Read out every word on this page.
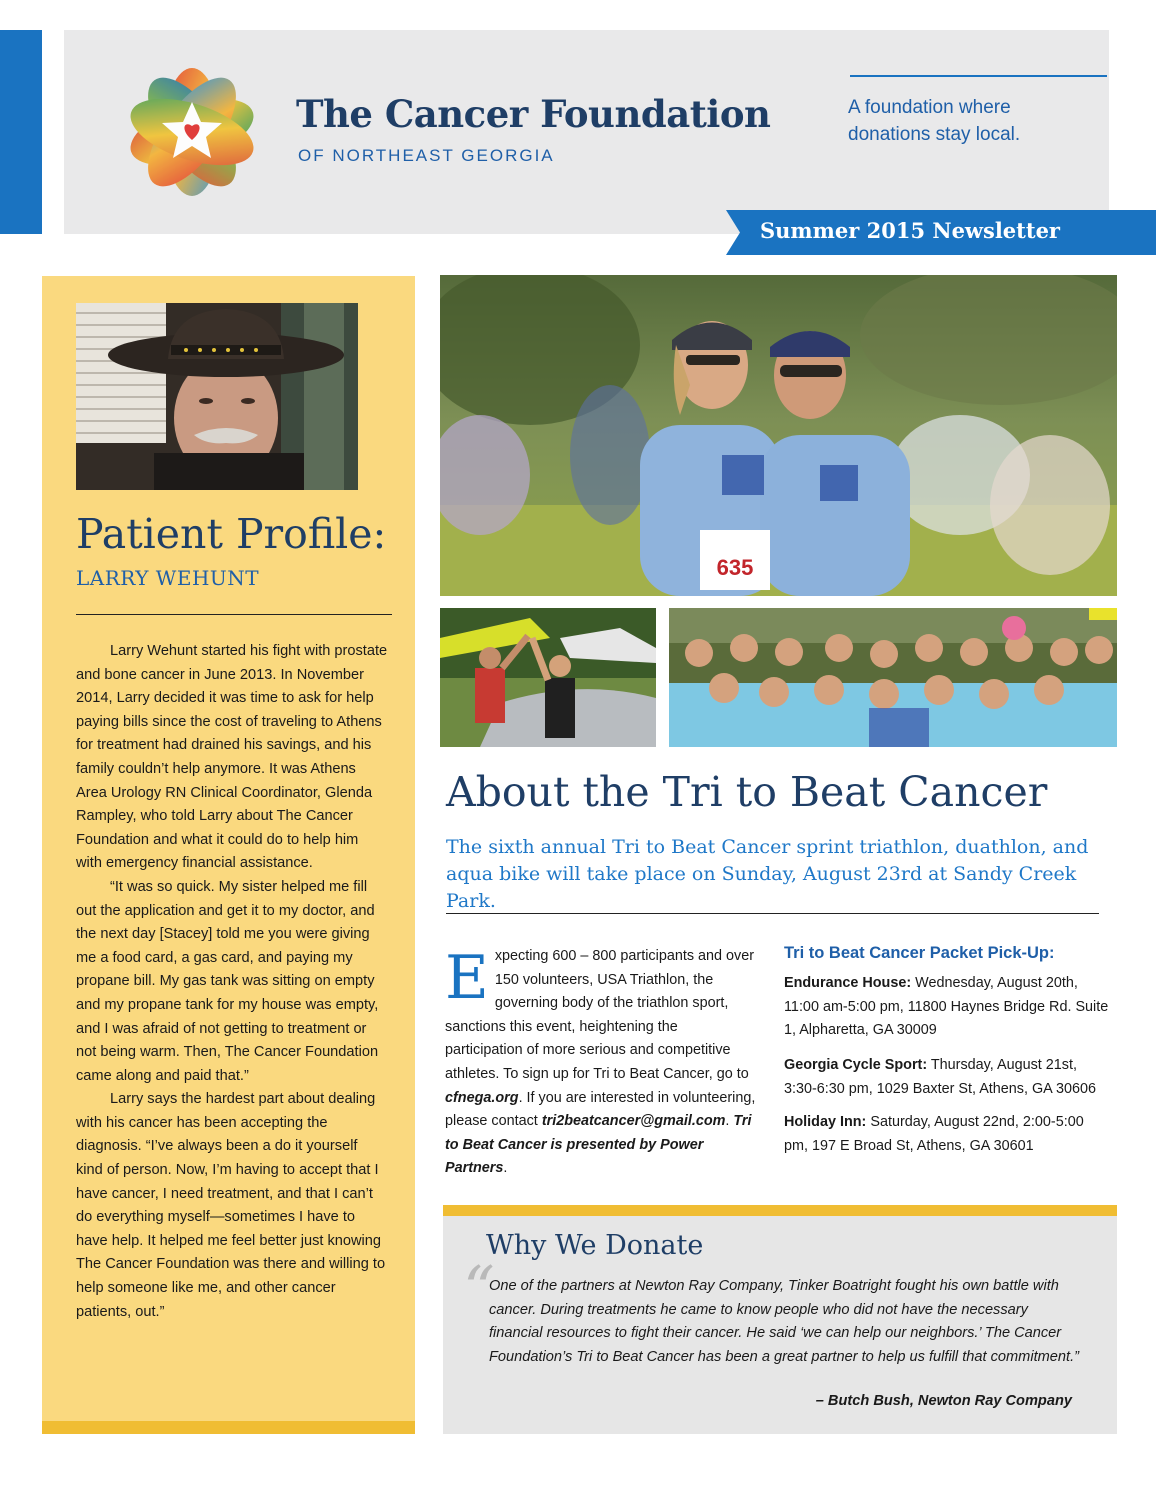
The Cancer Foundation
OF NORTHEAST GEORGIA
A foundation where donations stay local.
Summer 2015 Newsletter
Patient Profile:
LARRY WEHUNT

Larry Wehunt started his fight with prostate and bone cancer in June 2013. In November 2014, Larry decided it was time to ask for help paying bills since the cost of traveling to Athens for treatment had drained his savings, and his family couldn’t help anymore. It was Athens Area Urology RN Clinical Coordinator, Glenda Rampley, who told Larry about The Cancer Foundation and what it could do to help him with emergency financial assistance.

“It was so quick. My sister helped me fill out the application and get it to my doctor, and the next day [Stacey] told me you were giving me a food card, a gas card, and paying my propane bill. My gas tank was sitting on empty and my propane tank for my house was empty, and I was afraid of not getting to treatment or not being warm. Then, The Cancer Foundation came along and paid that.”

Larry says the hardest part about dealing with his cancer has been accepting the diagnosis. “I’ve always been a do it yourself kind of person. Now, I’m having to accept that I have cancer, I need treatment, and that I can’t do everything myself—sometimes I have to have help. It helped me feel better just knowing The Cancer Foundation was there and willing to help someone like me, and other cancer patients, out.”

635
About the Tri to Beat Cancer
The sixth annual Tri to Beat Cancer sprint triathlon, duathlon, and aqua bike will take place on Sunday, August 23rd at Sandy Creek Park.
Expecting 600 – 800 participants and over 150 volunteers, USA Triathlon, the governing body of the triathlon sport, sanctions this event, heightening the participation of more serious and competitive athletes. To sign up for Tri to Beat Cancer, go to cfnega.org. If you are interested in volunteering, please contact tri2beatcancer@gmail.com. Tri to Beat Cancer is presented by Power Partners.
Tri to Beat Cancer Packet Pick-Up:
Endurance House: Wednesday, August 20th, 11:00 am-5:00 pm, 11800 Haynes Bridge Rd. Suite 1, Alpharetta, GA 30009
Georgia Cycle Sport: Thursday, August 21st, 3:30-6:30 pm, 1029 Baxter St, Athens, GA 30606
Holiday Inn: Saturday, August 22nd, 2:00-5:00 pm, 197 E Broad St, Athens, GA 30601
Why We Donate
“
One of the partners at Newton Ray Company, Tinker Boatright fought his own battle with cancer. During treatments he came to know people who did not have the necessary financial resources to fight their cancer. He said ‘we can help our neighbors.’ The Cancer Foundation’s Tri to Beat Cancer has been a great partner to help us fulfill that commitment.”
– Butch Bush, Newton Ray Company
